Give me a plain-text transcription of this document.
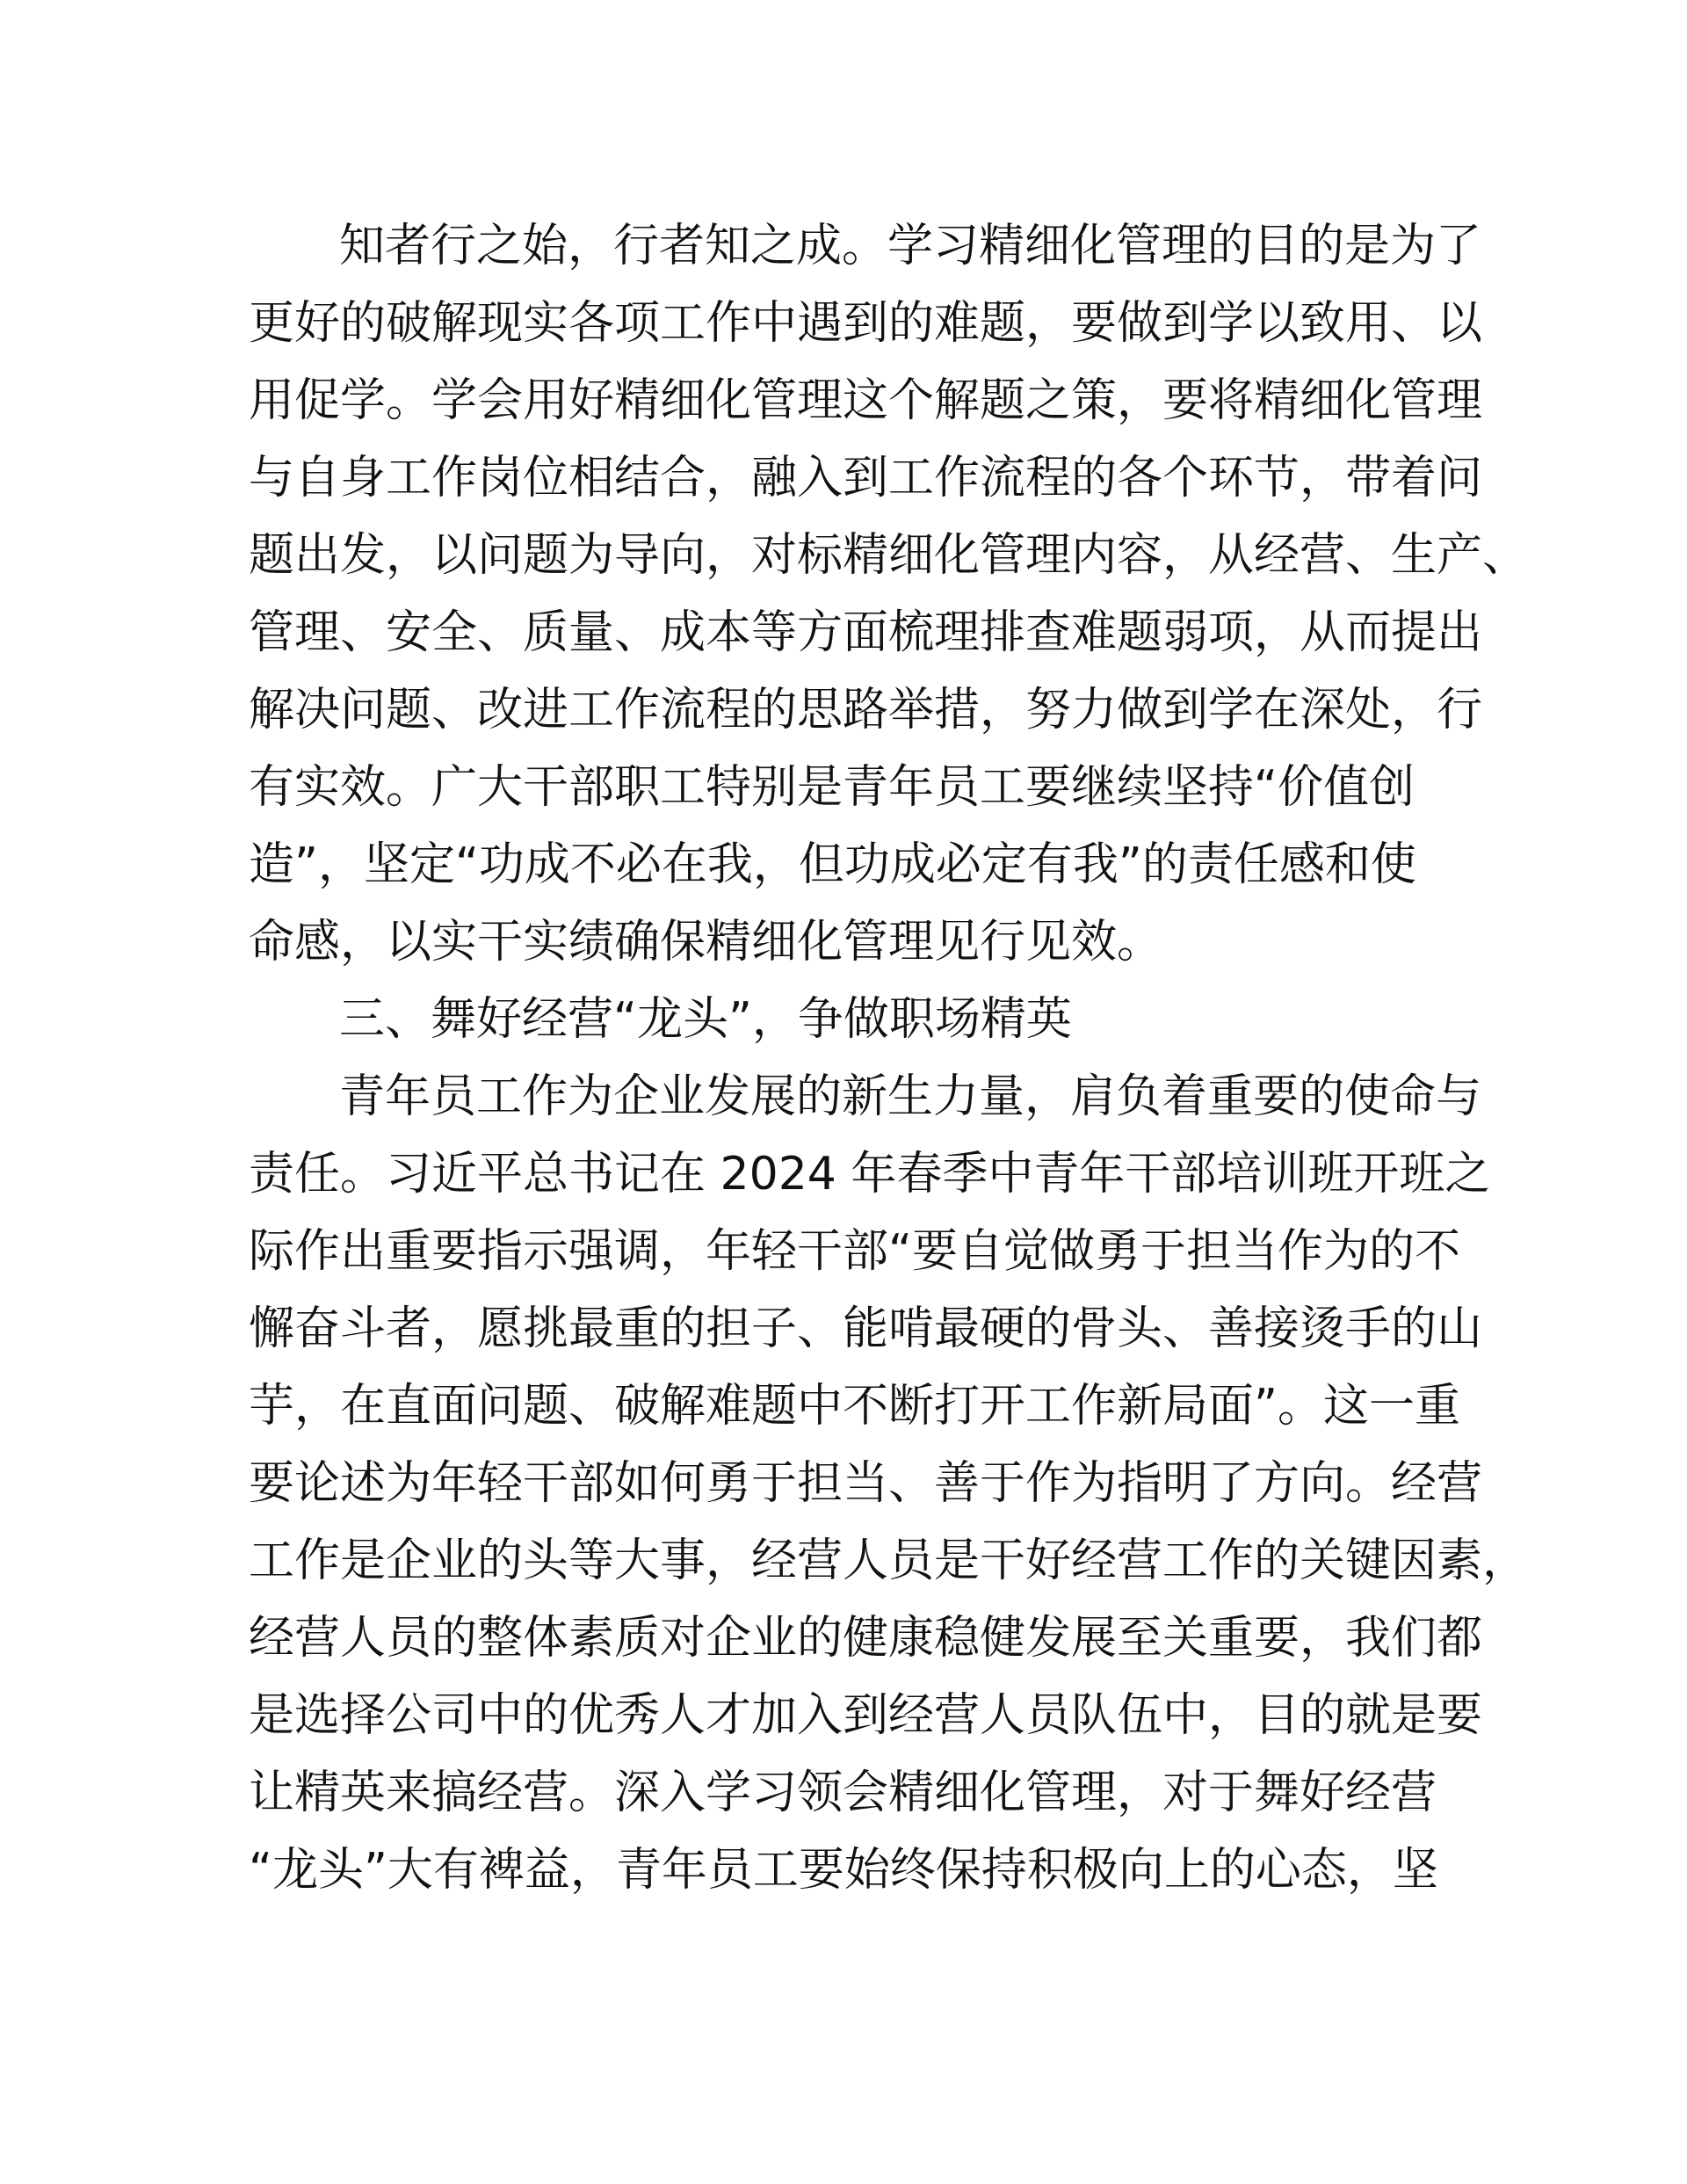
知者行之始，行者知之成。学习精细化管理的目的是为了
更好的破解现实各项工作中遇到的难题，要做到学以致用、以
用促学。学会用好精细化管理这个解题之策，要将精细化管理
与自身工作岗位相结合，融入到工作流程的各个环节，带着问
题出发，以问题为导向，对标精细化管理内容，从经营、生产、
管理、安全、质量、成本等方面梳理排查难题弱项，从而提出
解决问题、改进工作流程的思路举措，努力做到学在深处，行
有实效。广大干部职工特别是青年员工要继续坚持“价值创
造”，坚定“功成不必在我，但功成必定有我”的责任感和使
命感，以实干实绩确保精细化管理见行见效。
三、舞好经营“龙头”，争做职场精英
青年员工作为企业发展的新生力量，肩负着重要的使命与
责任。习近平总书记在 2024 年春季中青年干部培训班开班之
际作出重要指示强调，年轻干部“要自觉做勇于担当作为的不
懈奋斗者，愿挑最重的担子、能啃最硬的骨头、善接烫手的山
芋，在直面问题、破解难题中不断打开工作新局面”。这一重
要论述为年轻干部如何勇于担当、善于作为指明了方向。经营
工作是企业的头等大事，经营人员是干好经营工作的关键因素，
经营人员的整体素质对企业的健康稳健发展至关重要，我们都
是选择公司中的优秀人才加入到经营人员队伍中，目的就是要
让精英来搞经营。深入学习领会精细化管理，对于舞好经营
“龙头”大有裨益，青年员工要始终保持积极向上的心态，坚
